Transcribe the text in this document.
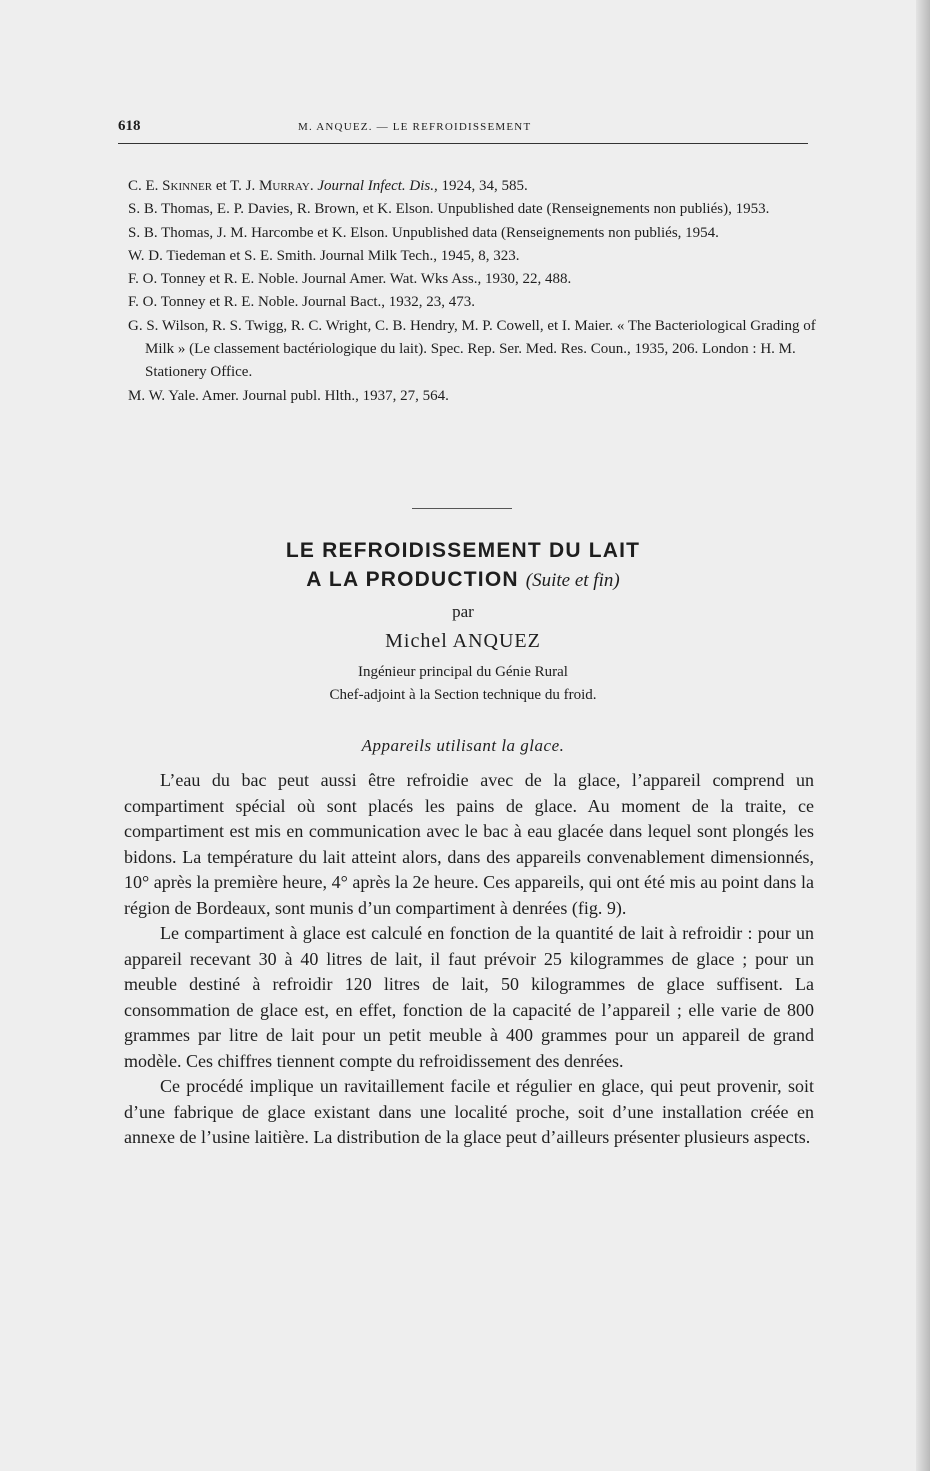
618	M. ANQUEZ. — LE REFROIDISSEMENT
C. E. Skinner et T. J. Murray. Journal Infect. Dis., 1924, 34, 585.
S. B. Thomas, E. P. Davies, R. Brown, et K. Elson. Unpublished date (Renseignements non publiés), 1953.
S. B. Thomas, J. M. Harcombe et K. Elson. Unpublished data (Renseignements non publiés, 1954.
W. D. Tiedeman et S. E. Smith. Journal Milk Tech., 1945, 8, 323.
F. O. Tonney et R. E. Noble. Journal Amer. Wat. Wks Ass., 1930, 22, 488.
F. O. Tonney et R. E. Noble. Journal Bact., 1932, 23, 473.
G. S. Wilson, R. S. Twigg, R. C. Wright, C. B. Hendry, M. P. Cowell, et I. Maier. « The Bacteriological Grading of Milk » (Le classement bactériologique du lait). Spec. Rep. Ser. Med. Res. Coun., 1935, 206. London : H. M. Stationery Office.
M. W. Yale. Amer. Journal publ. Hlth., 1937, 27, 564.
LE REFROIDISSEMENT DU LAIT
A LA PRODUCTION (Suite et fin)
par
Michel ANQUEZ
Ingénieur principal du Génie Rural
Chef-adjoint à la Section technique du froid.
Appareils utilisant la glace.

L’eau du bac peut aussi être refroidie avec de la glace, l’appareil comprend un compartiment spécial où sont placés les pains de glace. Au moment de la traite, ce compartiment est mis en communication avec le bac à eau glacée dans lequel sont plongés les bidons. La température du lait atteint alors, dans des appareils convenablement dimensionnés, 10° après la première heure, 4° après la 2e heure. Ces appareils, qui ont été mis au point dans la région de Bordeaux, sont munis d’un compartiment à denrées (fig. 9).

Le compartiment à glace est calculé en fonction de la quantité de lait à refroidir : pour un appareil recevant 30 à 40 litres de lait, il faut prévoir 25 kilogrammes de glace ; pour un meuble destiné à refroidir 120 litres de lait, 50 kilogrammes de glace suffisent. La consommation de glace est, en effet, fonction de la capacité de l’appareil ; elle varie de 800 grammes par litre de lait pour un petit meuble à 400 grammes pour un appareil de grand modèle. Ces chiffres tiennent compte du refroidissement des denrées.

Ce procédé implique un ravitaillement facile et régulier en glace, qui peut provenir, soit d’une fabrique de glace existant dans une localité proche, soit d’une installation créée en annexe de l’usine laitière. La distribution de la glace peut d’ailleurs présenter plusieurs aspects.
